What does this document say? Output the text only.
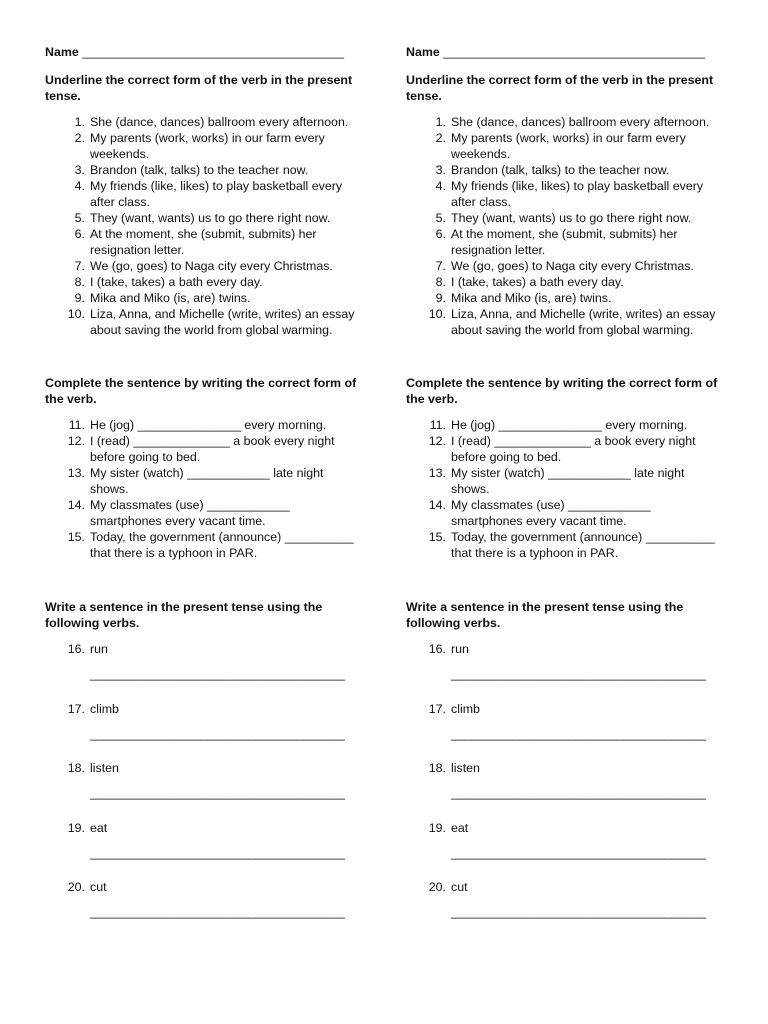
Name ______________________________________
Underline the correct form of the verb in the present
tense.
1. She (dance, dances) ballroom every afternoon.
2. My parents (work, works) in our farm every
weekends.
3. Brandon (talk, talks) to the teacher now.
4. My friends (like, likes) to play basketball every
after class.
5. They (want, wants) us to go there right now.
6. At the moment, she (submit, submits) her
resignation letter.
7. We (go, goes) to Naga city every Christmas.
8. I (take, takes) a bath every day.
9. Mika and Miko (is, are) twins.
10. Liza, Anna, and Michelle (write, writes) an essay
about saving the world from global warming.
Complete the sentence by writing the correct form of
the verb.
11. He (jog) _______________ every morning.
12. I (read) ______________ a book every night
before going to bed.
13. My sister (watch) ____________ late night
shows.
14. My classmates (use) ____________
smartphones every vacant time.
15. Today, the government (announce) __________
that there is a typhoon in PAR.
Write a sentence in the present tense using the
following verbs.
16. run
_____________________________________
17. climb
_____________________________________
18. listen
_____________________________________
19. eat
_____________________________________
20. cut
_____________________________________
Name ______________________________________
Underline the correct form of the verb in the present
tense.
1. She (dance, dances) ballroom every afternoon.
2. My parents (work, works) in our farm every
weekends.
3. Brandon (talk, talks) to the teacher now.
4. My friends (like, likes) to play basketball every
after class.
5. They (want, wants) us to go there right now.
6. At the moment, she (submit, submits) her
resignation letter.
7. We (go, goes) to Naga city every Christmas.
8. I (take, takes) a bath every day.
9. Mika and Miko (is, are) twins.
10. Liza, Anna, and Michelle (write, writes) an essay
about saving the world from global warming.
Complete the sentence by writing the correct form of
the verb.
11. He (jog) _______________ every morning.
12. I (read) ______________ a book every night
before going to bed.
13. My sister (watch) ____________ late night
shows.
14. My classmates (use) ____________
smartphones every vacant time.
15. Today, the government (announce) __________
that there is a typhoon in PAR.
Write a sentence in the present tense using the
following verbs.
16. run
_____________________________________
17. climb
_____________________________________
18. listen
_____________________________________
19. eat
_____________________________________
20. cut
_____________________________________
